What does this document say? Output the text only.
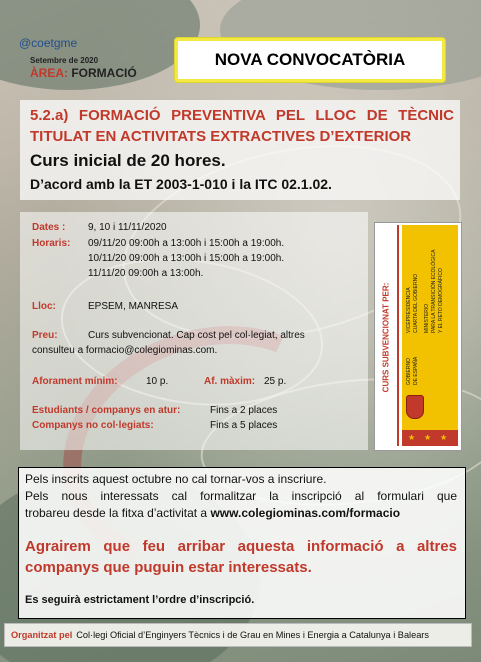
@coetgme
Setembre de 2020
ÀREA: FORMACIÓ
NOVA CONVOCATÒRIA
5.2.a) FORMACIÓ PREVENTIVA PEL LLOC DE TÈCNIC
TITULAT EN ACTIVITATS EXTRACTIVES D’EXTERIOR
Curs inicial de 20 hores.
D’acord amb la ET 2003-1-010 i la ITC 02.1.02.
Dates : 9, 10 i 11/11/2020
Horaris: 09/11/20 09:00h a 13:00h i 15:00h a 19:00h.
10/11/20 09:00h a 13:00h i 15:00h a 19:00h.
11/11/20 09:00h a 13:00h.
Lloc:	EPSEM, MANRESA
Preu:	Curs subvencionat. Cap cost pel col·legiat, altres
consulteu a formacio@colegiominas.com.
Aforament mínim:	10 p.	Af. màxim: 25 p.
Estudiants / companys en atur:	Fins a 2 places
Companys no col·legiats:	Fins a 5 places
CURS SUBVENCIONAT PER:	VICEPRESIDENCIA CUARTA DEL GOBIERNO MINISTERIO PARA LA TRANSICIÓN ECOLÓGICA Y EL RETO DEMOGRÁFICO
GOBIERNO DE ESPAÑA
★ ★ ★
Pels inscrits aquest octubre no cal tornar-vos a inscriure.
Pels nous interessats cal formalitzar la inscripció al formulari que
trobareu desde la fitxa d’activitat a www.colegiominas.com/formacio
Agrairem que feu arribar aquesta informació a altres
companys que puguin estar interessats.
Es seguirà estrictament l’ordre d’inscripció.
Organitzat pel Col·legi Oficial d’Enginyers Tècnics i de Grau en Mines i Energia a Catalunya i Balears
